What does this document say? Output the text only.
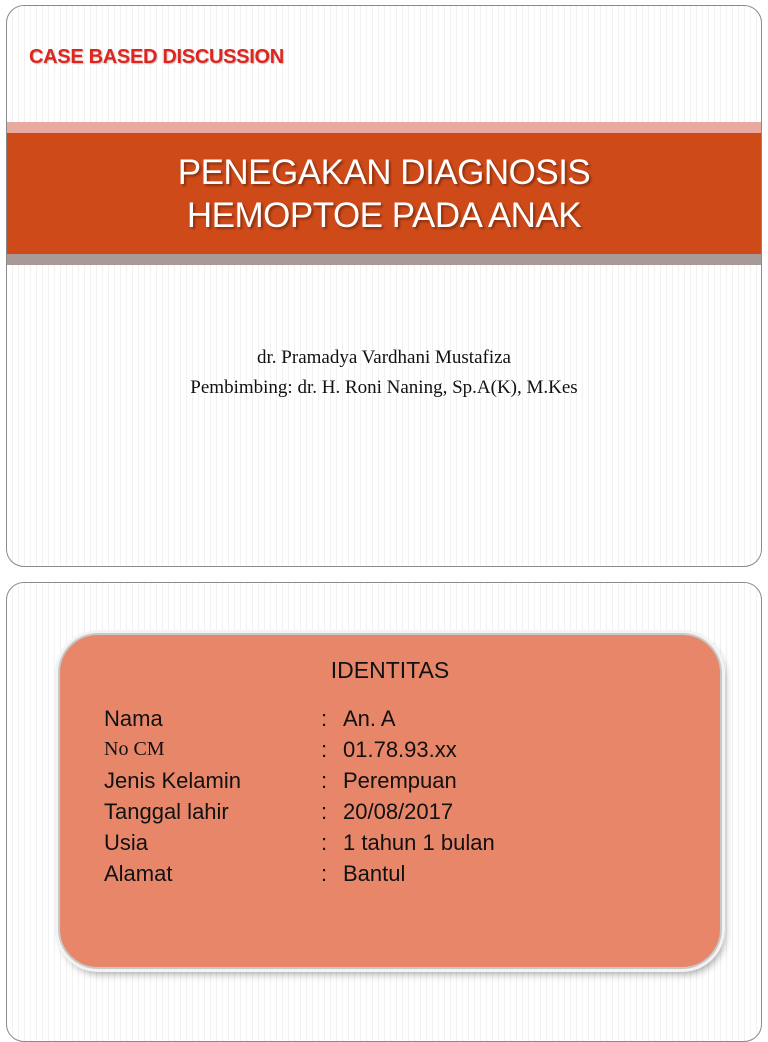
CASE BASED DISCUSSION
PENEGAKAN DIAGNOSIS
HEMOPTOE PADA ANAK
dr. Pramadya Vardhani Mustafiza
Pembimbing: dr. H. Roni Naning, Sp.A(K), M.Kes
IDENTITAS
Nama	: An. A
No CM	: 01.78.93.xx
Jenis Kelamin	: Perempuan
Tanggal lahir	: 20/08/2017
Usia	: 1 tahun 1 bulan
Alamat	: Bantul
